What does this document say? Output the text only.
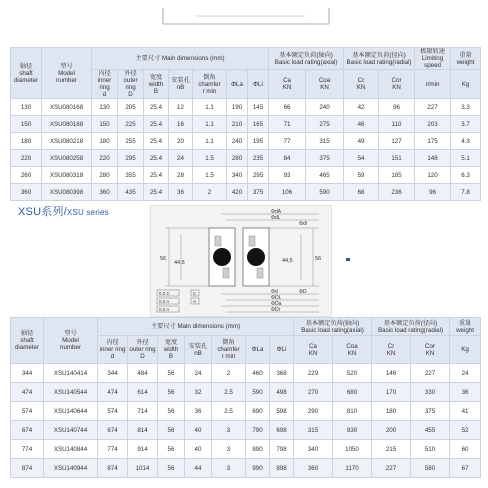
轴径
shaft
diameter	型号
Model
number	主要尺寸 Main dimensions (mm)							基本额定负荷(轴向)
Basic load rating(axial)		基本额定负荷(径向)
Basic load rating(radial)		极限转速
Limiting
speed	重量
weight
		内径
inner ring
d	外径
outer ring
D	宽度
width
B	安装孔
nB	倒角
chamfer
r min	ΦLa	ΦLi	Ca
KN	Coa
KN	Cr
KN	Cor
KN	r/min	Kg
130	XSU080168	130	205	25.4	12	1.1	190	145	66	240	42	96	227	3.3
150	XSU080188	150	225	25.4	16	1.1	210	165	71	275	46	110	203	3.7
180	XSU080218	180	255	25.4	20	1.1	240	195	77	315	49	127	175	4.3
220	XSU080258	220	295	25.4	24	1.5	280	235	84	375	54	151	148	5.1
260	XSU080318	280	355	25.4	28	1.5	340	295	93	465	59	185	120	6.3
360	XSU080398	360	435	25.4	36	2	420	375	106	590	68	236	96	7.8
XSU系列/XSU series
56
44,5
56
44,5
ΦdA
ΦdL
Φdl
Φd
ΦDL
ΦDa
ΦDr
ΦD
0.2 C
0.2 A
C
A
0.2 A
轴径
shaft
diameter	型号
Model
number	主要尺寸 Main dimensions (mm)							基本额定负荷(轴向)
Basic load rating(axial)		基本额定负荷(径向)
Basic load rating(radial)		重量
weight
		内径
inner ring
d	外径
outer ring
D	宽度
width
B	安装孔
nB	倒角
chamfer
r min	ΦLa	ΦLi	Ca
KN	Coa
KN	Cr
KN	Cor
KN	Kg
344	XSU140414	344	484	56	24	2	460	368	229	520	146	227	24
474	XSU140544	474	614	56	32	2.5	590	498	270	680	170	330	36
574	XSU140644	574	714	56	36	2.5	690	598	290	810	180	375	41
674	XSU140744	674	814	56	40	3	790	698	315	930	200	455	52
774	XSU140844	774	914	56	40	3	890	798	340	1050	215	510	60
874	XSU140944	874	1014	56	44	3	990	898	360	1170	227	580	67
